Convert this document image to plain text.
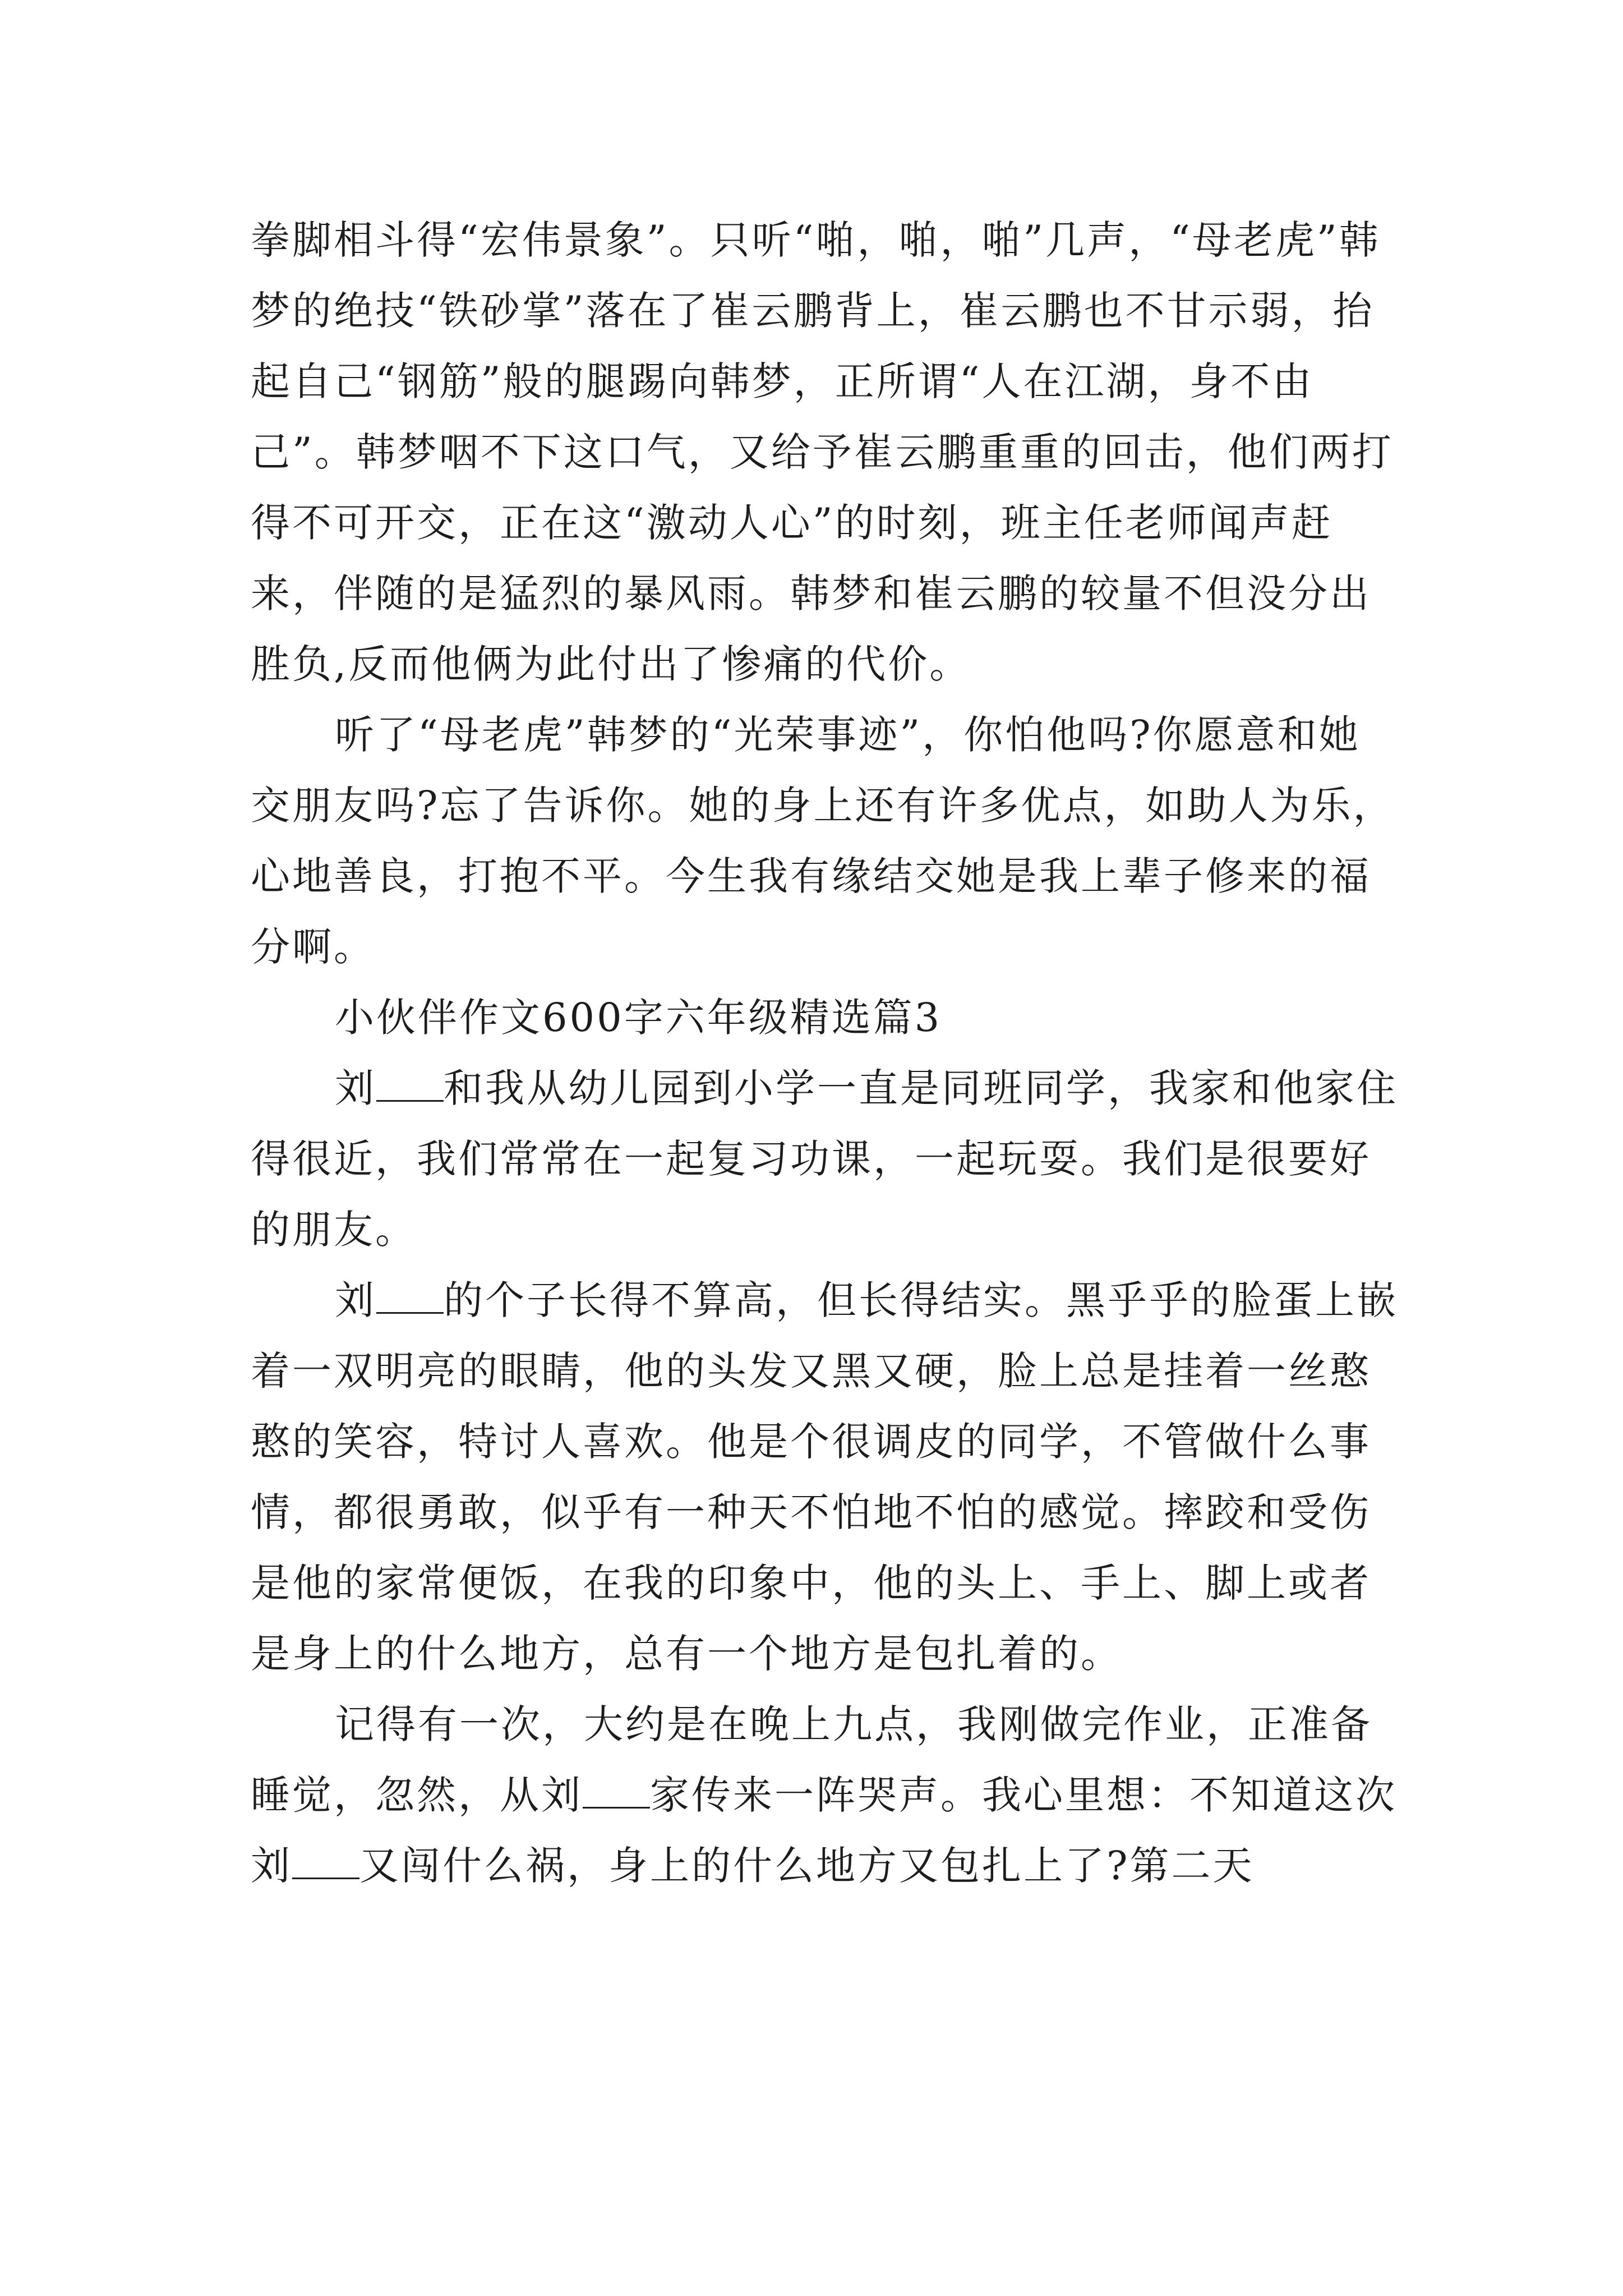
拳脚相斗得“宏伟景象”。只听“啪，啪，啪”几声，“母老虎”韩梦的绝技“铁砂掌”落在了崔云鹏背上，崔云鹏也不甘示弱，抬起自己“钢筋”般的腿踢向韩梦，正所谓“人在江湖，身不由己”。韩梦咽不下这口气，又给予崔云鹏重重的回击，他们两打得不可开交，正在这“激动人心”的时刻，班主任老师闻声赶来，伴随的是猛烈的暴风雨。韩梦和崔云鹏的较量不但没分出胜负,反而他俩为此付出了惨痛的代价。

听了“母老虎”韩梦的“光荣事迹”，你怕他吗?你愿意和她交朋友吗?忘了告诉你。她的身上还有许多优点，如助人为乐，心地善良，打抱不平。今生我有缘结交她是我上辈子修来的福分啊。

小伙伴作文600字六年级精选篇3

刘 和我从幼儿园到小学一直是同班同学，我家和他家住得很近，我们常常在一起复习功课，一起玩耍。我们是很要好的朋友。

刘 的个子长得不算高，但长得结实。黑乎乎的脸蛋上嵌着一双明亮的眼睛，他的头发又黑又硬，脸上总是挂着一丝憨憨的笑容，特讨人喜欢。他是个很调皮的同学，不管做什么事情，都很勇敢，似乎有一种天不怕地不怕的感觉。摔跤和受伤是他的家常便饭，在我的印象中，他的头上、手上、脚上或者是身上的什么地方，总有一个地方是包扎着的。

记得有一次，大约是在晚上九点，我刚做完作业，正准备睡觉，忽然，从刘 家传来一阵哭声。我心里想：不知道这次刘 又闯什么祸，身上的什么地方又包扎上了?第二天
